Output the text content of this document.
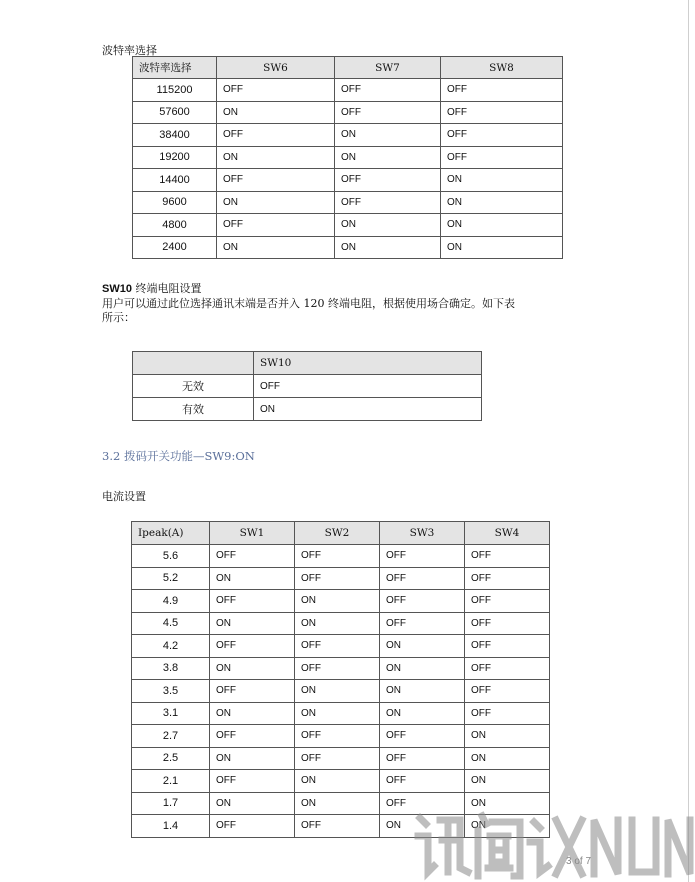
波特率选择
波特率选择	SW6	SW7	SW8
115200	OFF	OFF	OFF
57600	ON	OFF	OFF
38400	OFF	ON	OFF
19200	ON	ON	OFF
14400	OFF	OFF	ON
9600	ON	OFF	ON
4800	OFF	ON	ON
2400	ON	ON	ON
SW10 终端电阻设置
用户可以通过此位选择通讯末端是否并入 120 终端电阻，根据使用场合确定。如下表
所示：
	SW10
无效	OFF
有效	ON
3.2 拨码开关功能—SW9:ON
电流设置
Ipeak(A)	SW1	SW2	SW3	SW4
5.6	OFF	OFF	OFF	OFF
5.2	ON	OFF	OFF	OFF
4.9	OFF	ON	OFF	OFF
4.5	ON	ON	OFF	OFF
4.2	OFF	OFF	ON	OFF
3.8	ON	OFF	ON	OFF
3.5	OFF	ON	ON	OFF
3.1	ON	ON	ON	OFF
2.7	OFF	OFF	OFF	ON
2.5	ON	OFF	OFF	ON
2.1	OFF	ON	OFF	ON
1.7	ON	ON	OFF	ON
1.4	OFF	OFF	ON	ON
3 of 7
